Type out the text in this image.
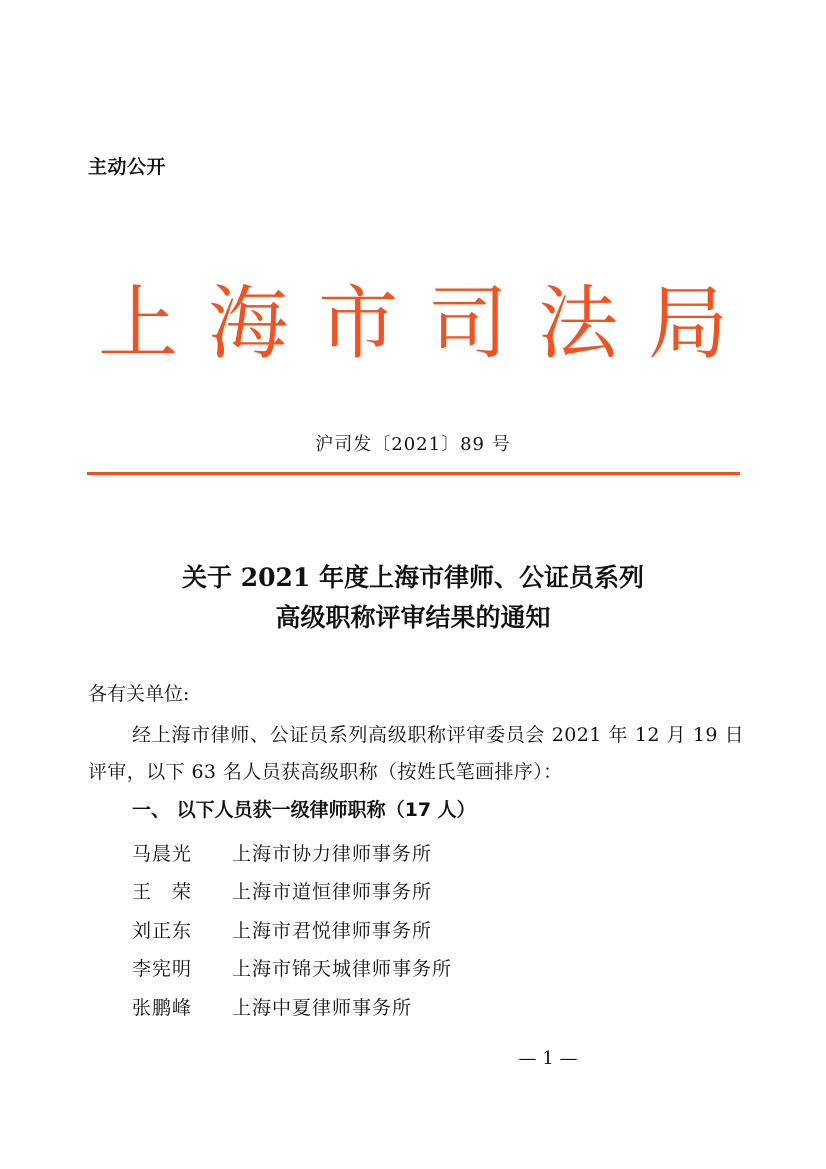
主动公开
上海市司法局
沪司发〔2021〕89 号
关于 2021 年度上海市律师、公证员系列
高级职称评审结果的通知
各有关单位:
经上海市律师、公证员系列高级职称评审委员会 2021 年 12 月 19 日评审，以下 63 名人员获高级职称（按姓氏笔画排序）：
一、 以下人员获一级律师职称（17 人）
马晨光	上海市协力律师事务所
王　荣	上海市道恒律师事务所
刘正东	上海市君悦律师事务所
李宪明	上海市锦天城律师事务所
张鹏峰	上海中夏律师事务所
— 1 —
